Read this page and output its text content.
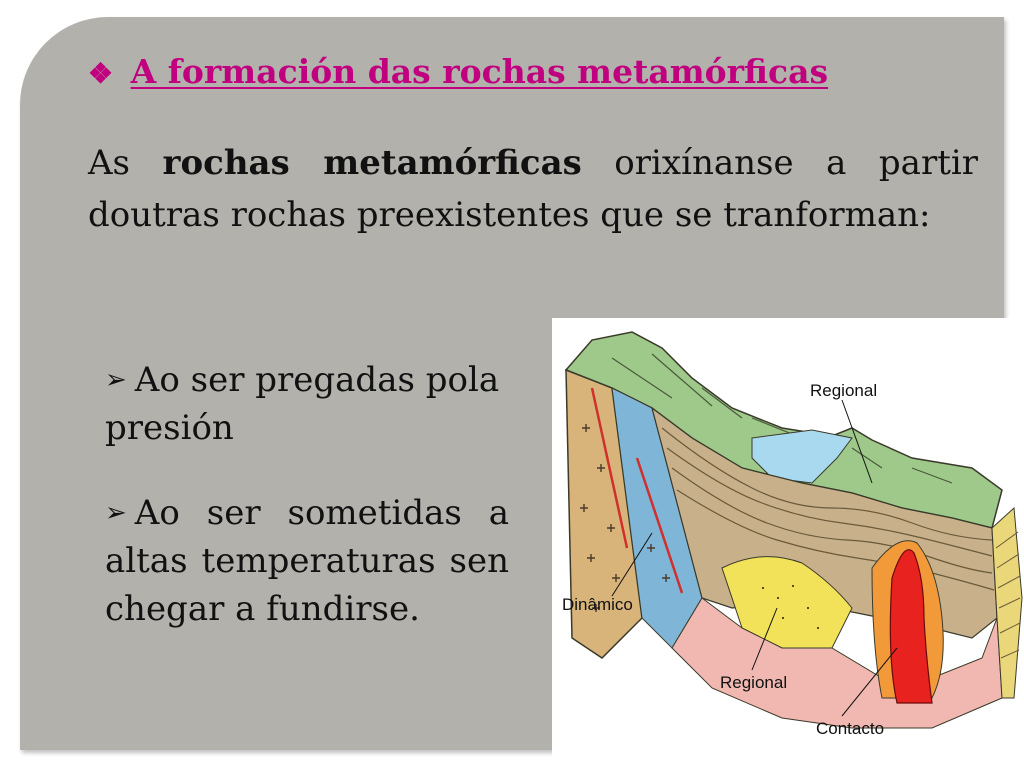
❖ A formación das rochas metamórficas

As rochas metamórficas orixínanse a partir doutras rochas preexistentes que se tranforman:

➢ Ao ser pregadas pola presión

➢ Ao ser sometidas a altas temperaturas sen chegar a fundirse.

Regional
Dinâmico
Regional
Contacto
